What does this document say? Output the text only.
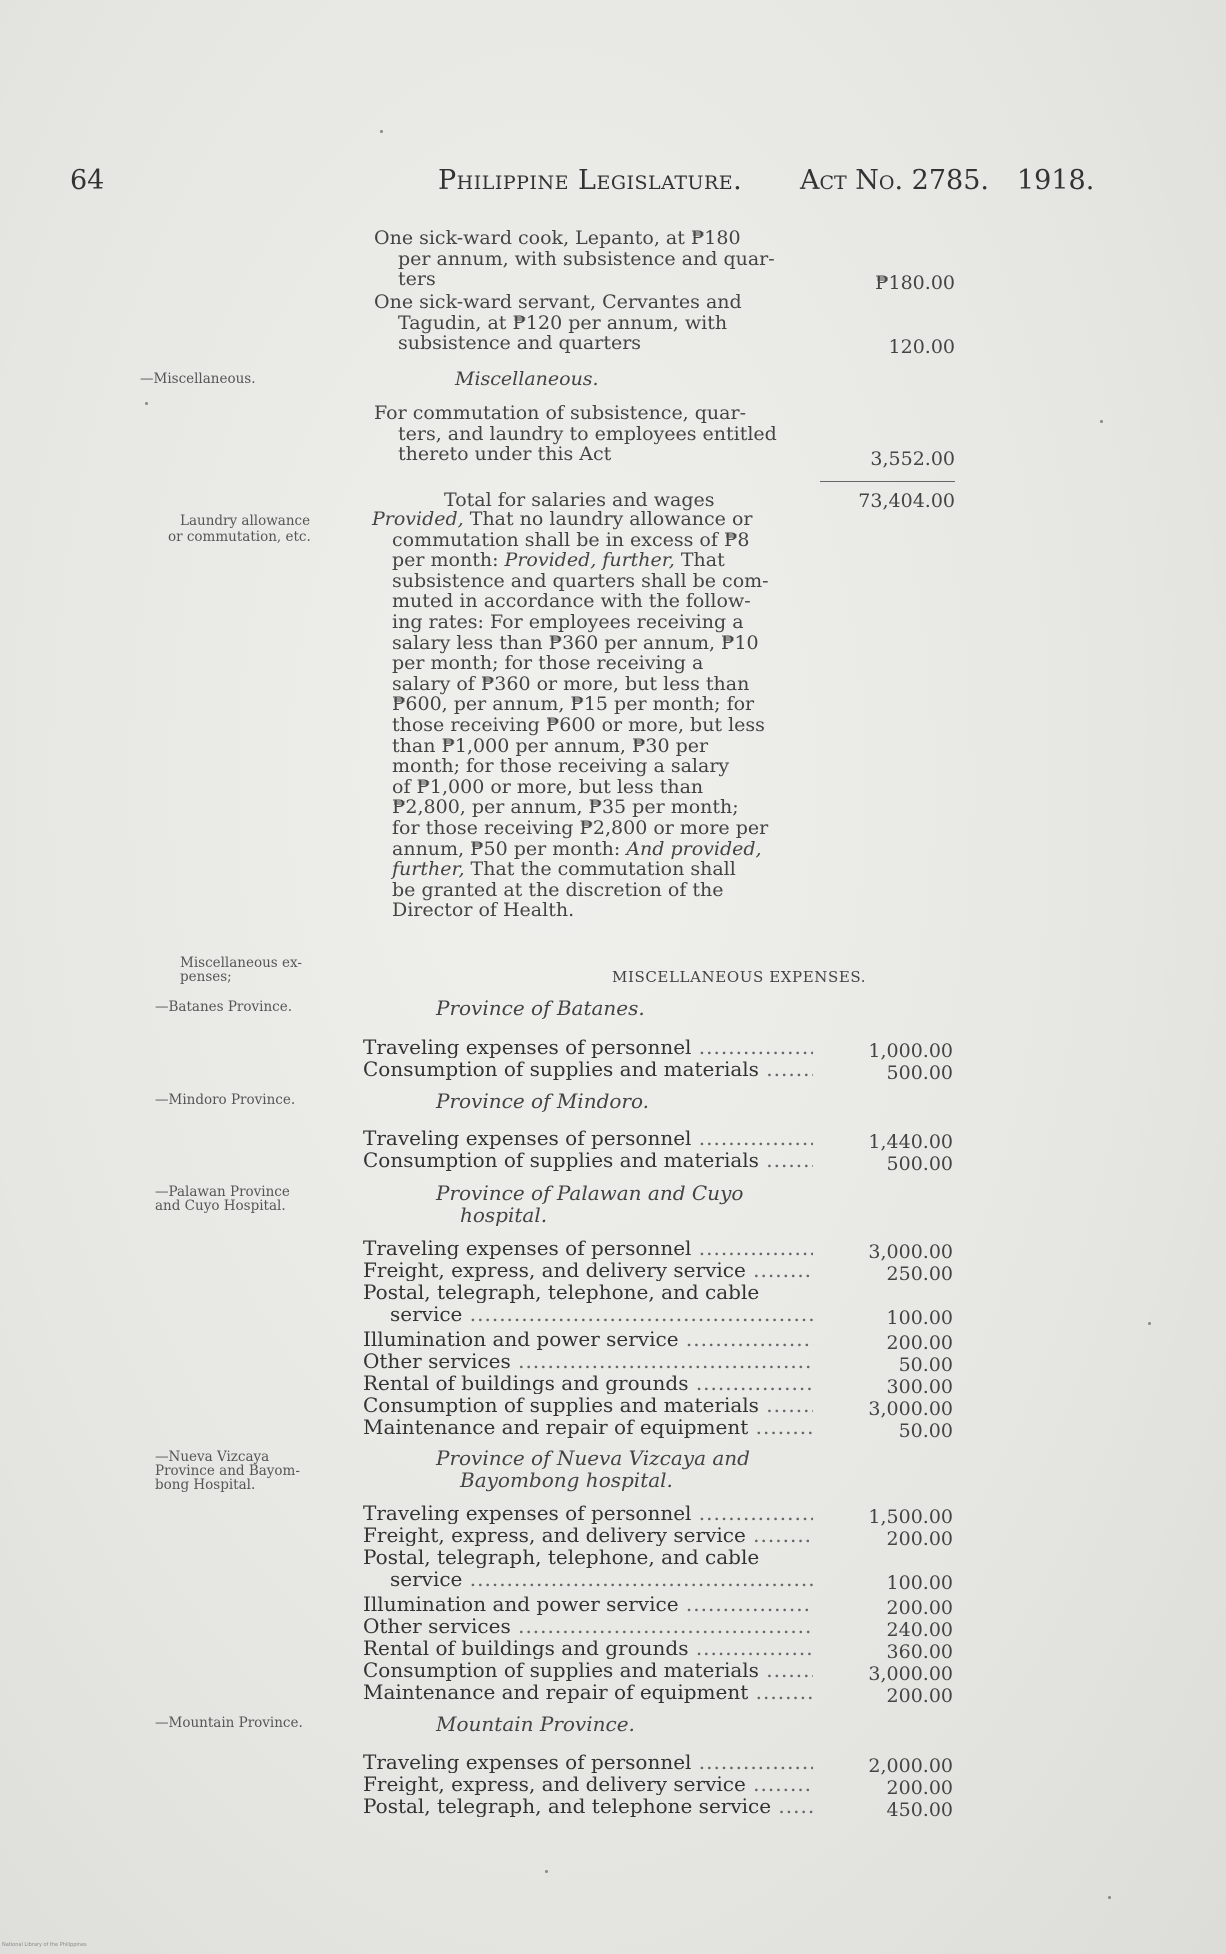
64	Philippine Legislature. Act No. 2785. 1918.
One sick-ward cook, Lepanto, at ₱180
per annum, with subsistence and quar-
ters	₱180.00
One sick-ward servant, Cervantes and
Tagudin, at ₱120 per annum, with
subsistence and quarters	120.00
—Miscellaneous.	Miscellaneous.
For commutation of subsistence, quar-
ters, and laundry to employees entitled
thereto under this Act	3,552.00
Total for salaries and wages	73,404.00
Laundry allowance
or commutation, etc.
Provided, That no laundry allowance or
commutation shall be in excess of ₱8
per month: Provided, further, That
subsistence and quarters shall be com-
muted in accordance with the follow-
ing rates: For employees receiving a
salary less than ₱360 per annum, ₱10
per month; for those receiving a
salary of ₱360 or more, but less than
₱600, per annum, ₱15 per month; for
those receiving ₱600 or more, but less
than ₱1,000 per annum, ₱30 per
month; for those receiving a salary
of ₱1,000 or more, but less than
₱2,800, per annum, ₱35 per month;
for those receiving ₱2,800 or more per
annum, ₱50 per month: And provided,
further, That the commutation shall
be granted at the discretion of the
Director of Health.
Miscellaneous ex-
penses;	MISCELLANEOUS EXPENSES.
—Batanes Province.	Province of Batanes.
Traveling expenses of personnel .....	1,000.00
Consumption of supplies and materials .....	500.00
—Mindoro Province.	Province of Mindoro.
Traveling expenses of personnel .....	1,440.00
Consumption of supplies and materials .....	500.00
—Palawan Province
and Cuyo Hospital.
Province of Palawan and Cuyo
hospital.
Traveling expenses of personnel .....	3,000.00
Freight, express, and delivery service .....	250.00
Postal, telegraph, telephone, and cable
service .....	100.00
Illumination and power service .....	200.00
Other services .....	50.00
Rental of buildings and grounds .....	300.00
Consumption of supplies and materials .....	3,000.00
Maintenance and repair of equipment .....	50.00
—Nueva Vizcaya
Province and Bayom-
bong Hospital.
Province of Nueva Vizcaya and
Bayombong hospital.
Traveling expenses of personnel .....	1,500.00
Freight, express, and delivery service .....	200.00
Postal, telegraph, telephone, and cable
service .....	100.00
Illumination and power service .....	200.00
Other services .....	240.00
Rental of buildings and grounds .....	360.00
Consumption of supplies and materials .....	3,000.00
Maintenance and repair of equipment .....	200.00
—Mountain Province.	Mountain Province.
Traveling expenses of personnel .....	2,000.00
Freight, express, and delivery service .....	200.00
Postal, telegraph, and telephone service .....	450.00
National Library of the Philippines
